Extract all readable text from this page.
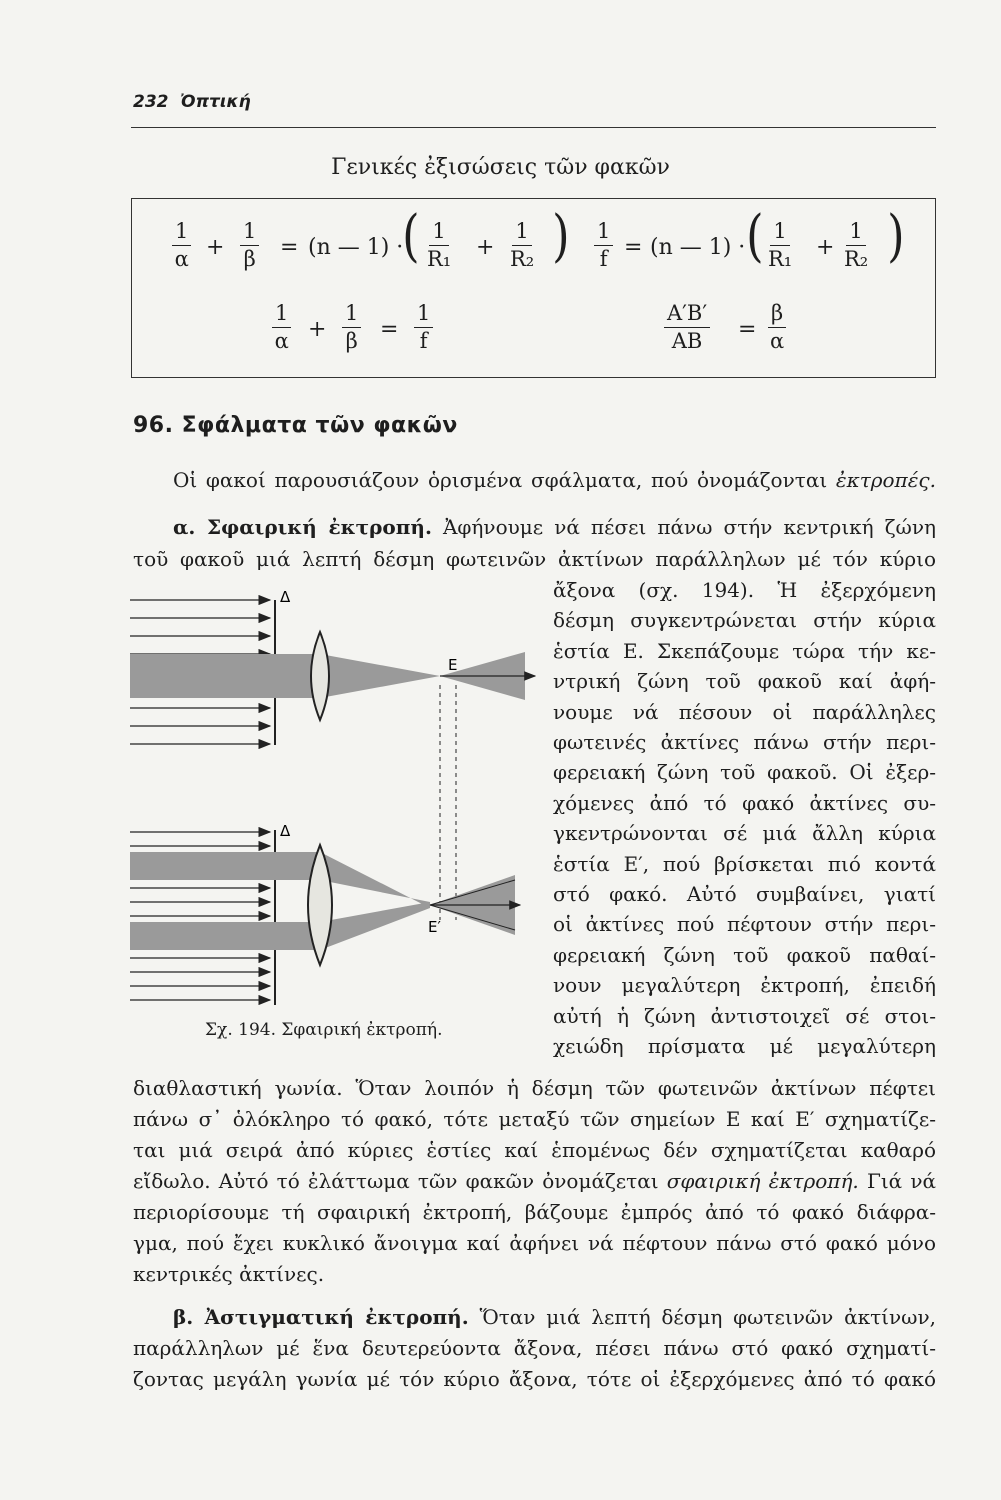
232 Ὀπτική
Γενικές ἐξισώσεις τῶν φακῶν
$\frac{1}{\alpha} + \frac{1}{\beta} = (n$ — 1) ·
( $\frac{1}{\text{R₁}} + \frac{1}{\text{R₂}}$ ) $\frac{1}{f} = (n$ — 1) · ( $\frac{1}{\text{R₁}} + \frac{1}{\text{R₂}}$ )
$\frac{1}{\alpha} + \frac{1}{\beta} = \frac{1}{f}$	$\frac{A'B'}{AB} = \frac{\beta}{\alpha}$
96. Σφάλματα τῶν φακῶν
Οἱ φακοί παρουσιάζουν ὁρισμένα σφάλματα, πού ὀνομάζονται ἐκτροπές.
α. Σφαιρική ἐκτροπή. Ἀφήνουμε νά πέσει πάνω στήν κεντρική ζώνη
τοῦ φακοῦ μιά λεπτή δέσμη φωτεινῶν ἀκτίνων παράλληλων μέ τόν κύριο
ἄξονα (σχ. 194). Ἡ ἐξερχόμενη
δέσμη συγκεντρώνεται στήν κύρια
ἑστία Ε. Σκεπάζουμε τώρα τήν κε-
ντρική ζώνη τοῦ φακοῦ καί ἀφή-
νουμε νά πέσουν οἱ παράλληλες
φωτεινές ἀκτίνες πάνω στήν περι-
φερειακή ζώνη τοῦ φακοῦ. Οἱ ἐξερ-
χόμενες ἀπό τό φακό ἀκτίνες συ-
γκεντρώνονται σέ μιά ἄλλη κύρια
ἑστία Ε′, πού βρίσκεται πιό κοντά
στό φακό. Αὐτό συμβαίνει, γιατί
οἱ ἀκτίνες πού πέφτουν στήν περι-
φερειακή ζώνη τοῦ φακοῦ παθαί-
νουν μεγαλύτερη ἐκτροπή, ἐπειδή
αὐτή ἡ ζώνη ἀντιστοιχεῖ σέ στοι-
χειώδη πρίσματα μέ μεγαλύτερη
διαθλαστική γωνία. Ὅταν λοιπόν ἡ δέσμη τῶν φωτεινῶν ἀκτίνων πέφτει
πάνω σ᾿ ὁλόκληρο τό φακό, τότε μεταξύ τῶν σημείων Ε καί Ε′ σχηματίζε-
ται μιά σειρά ἀπό κύριες ἑστίες καί ἑπομένως δέν σχηματίζεται καθαρό
εἴδωλο. Αὐτό τό ἐλάττωμα τῶν φακῶν ὀνομάζεται σφαιρική ἐκτροπή. Γιά νά
περιορίσουμε τή σφαιρική ἐκτροπή, βάζουμε ἐμπρός ἀπό τό φακό διάφρα-
γμα, πού ἔχει κυκλικό ἄνοιγμα καί ἀφήνει νά πέφτουν πάνω στό φακό μόνο
κεντρικές ἀκτίνες.
β. Ἀστιγματική ἐκτροπή. Ὅταν μιά λεπτή δέσμη φωτεινῶν ἀκτίνων,
παράλληλων μέ ἕνα δευτερεύοντα ἄξονα, πέσει πάνω στό φακό σχηματί-
ζοντας μεγάλη γωνία μέ τόν κύριο ἄξονα, τότε οἱ ἐξερχόμενες ἀπό τό φακό
Δ
Ε
Δ
Ε′
Σχ. 194. Σφαιρική ἐκτροπή.
